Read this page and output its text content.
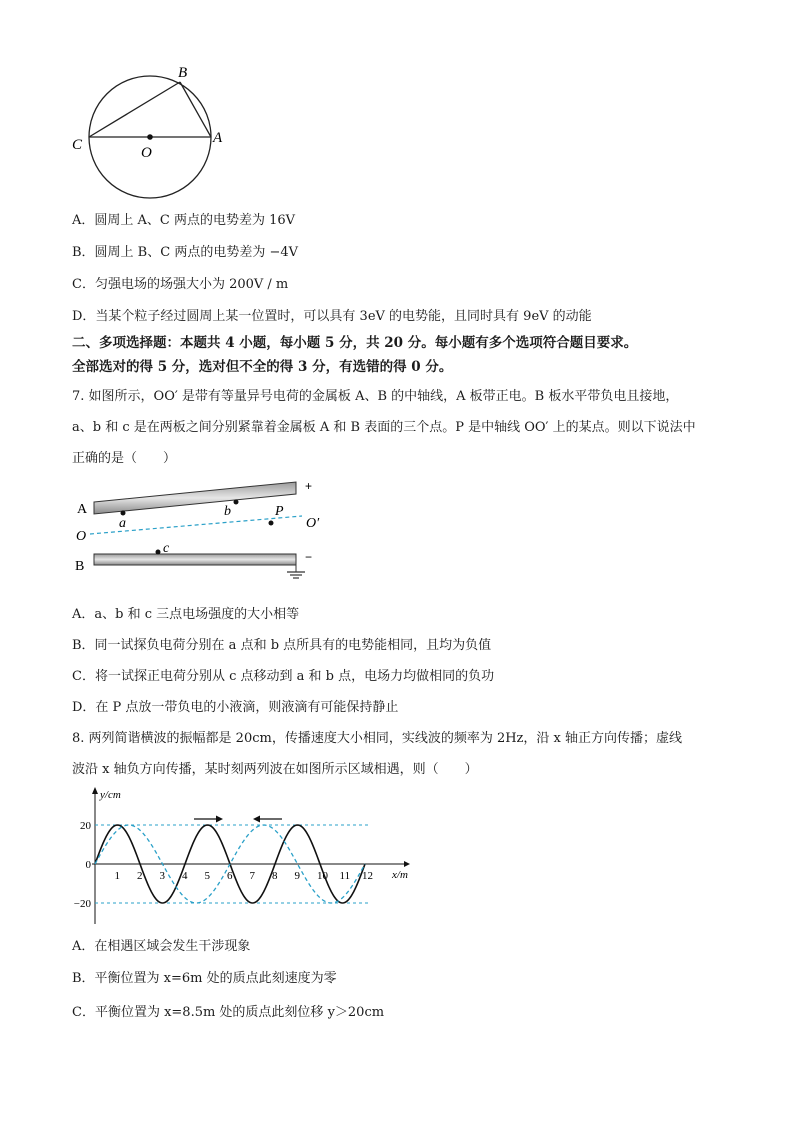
B
C	O
A
A．圆周上 A、C 两点的电势差为 16V
B．圆周上 B、C 两点的电势差为 −4V
C．匀强电场的场强大小为 200V / m
D．当某个粒子经过圆周上某一位置时，可以具有 3eV 的电势能，且同时具有 9eV 的动能
二、多项选择题：本题共 4 小题，每小题 5 分，共 20 分。每小题有多个选项符合题目要求。
全部选对的得 5 分，选对但不全的得 3 分，有选错的得 0 分。
7. 如图所示，OO′ 是带有等量异号电荷的金属板 A、B 的中轴线，A 板带正电。B 板水平带负电且接地，
a、b 和 c 是在两板之间分别紧靠着金属板 A 和 B 表面的三个点。P 是中轴线 OO′ 上的某点。则以下说法中
正确的是（　　）
A
B
O
O′
a
b	P
c
+
−
A．a、b 和 c 三点电场强度的大小相等
B．同一试探负电荷分别在 a 点和 b 点所具有的电势能相同，且均为负值
C．将一试探正电荷分别从 c 点移动到 a 和 b 点，电场力均做相同的负功
D．在 P 点放一带负电的小液滴，则液滴有可能保持静止
8. 两列简谐横波的振幅都是 20cm，传播速度大小相同，实线波的频率为 2Hz，沿 x 轴正方向传播；虚线
波沿 x 轴负方向传播，某时刻两列波在如图所示区域相遇，则（　　）
y/cm
x/m
1 2 3 4 5 6 7 8 9 10 11 12
20
0
−20
A．在相遇区域会发生干涉现象
B．平衡位置为 x=6m 处的质点此刻速度为零
C．平衡位置为 x=8.5m 处的质点此刻位移 y＞20cm
